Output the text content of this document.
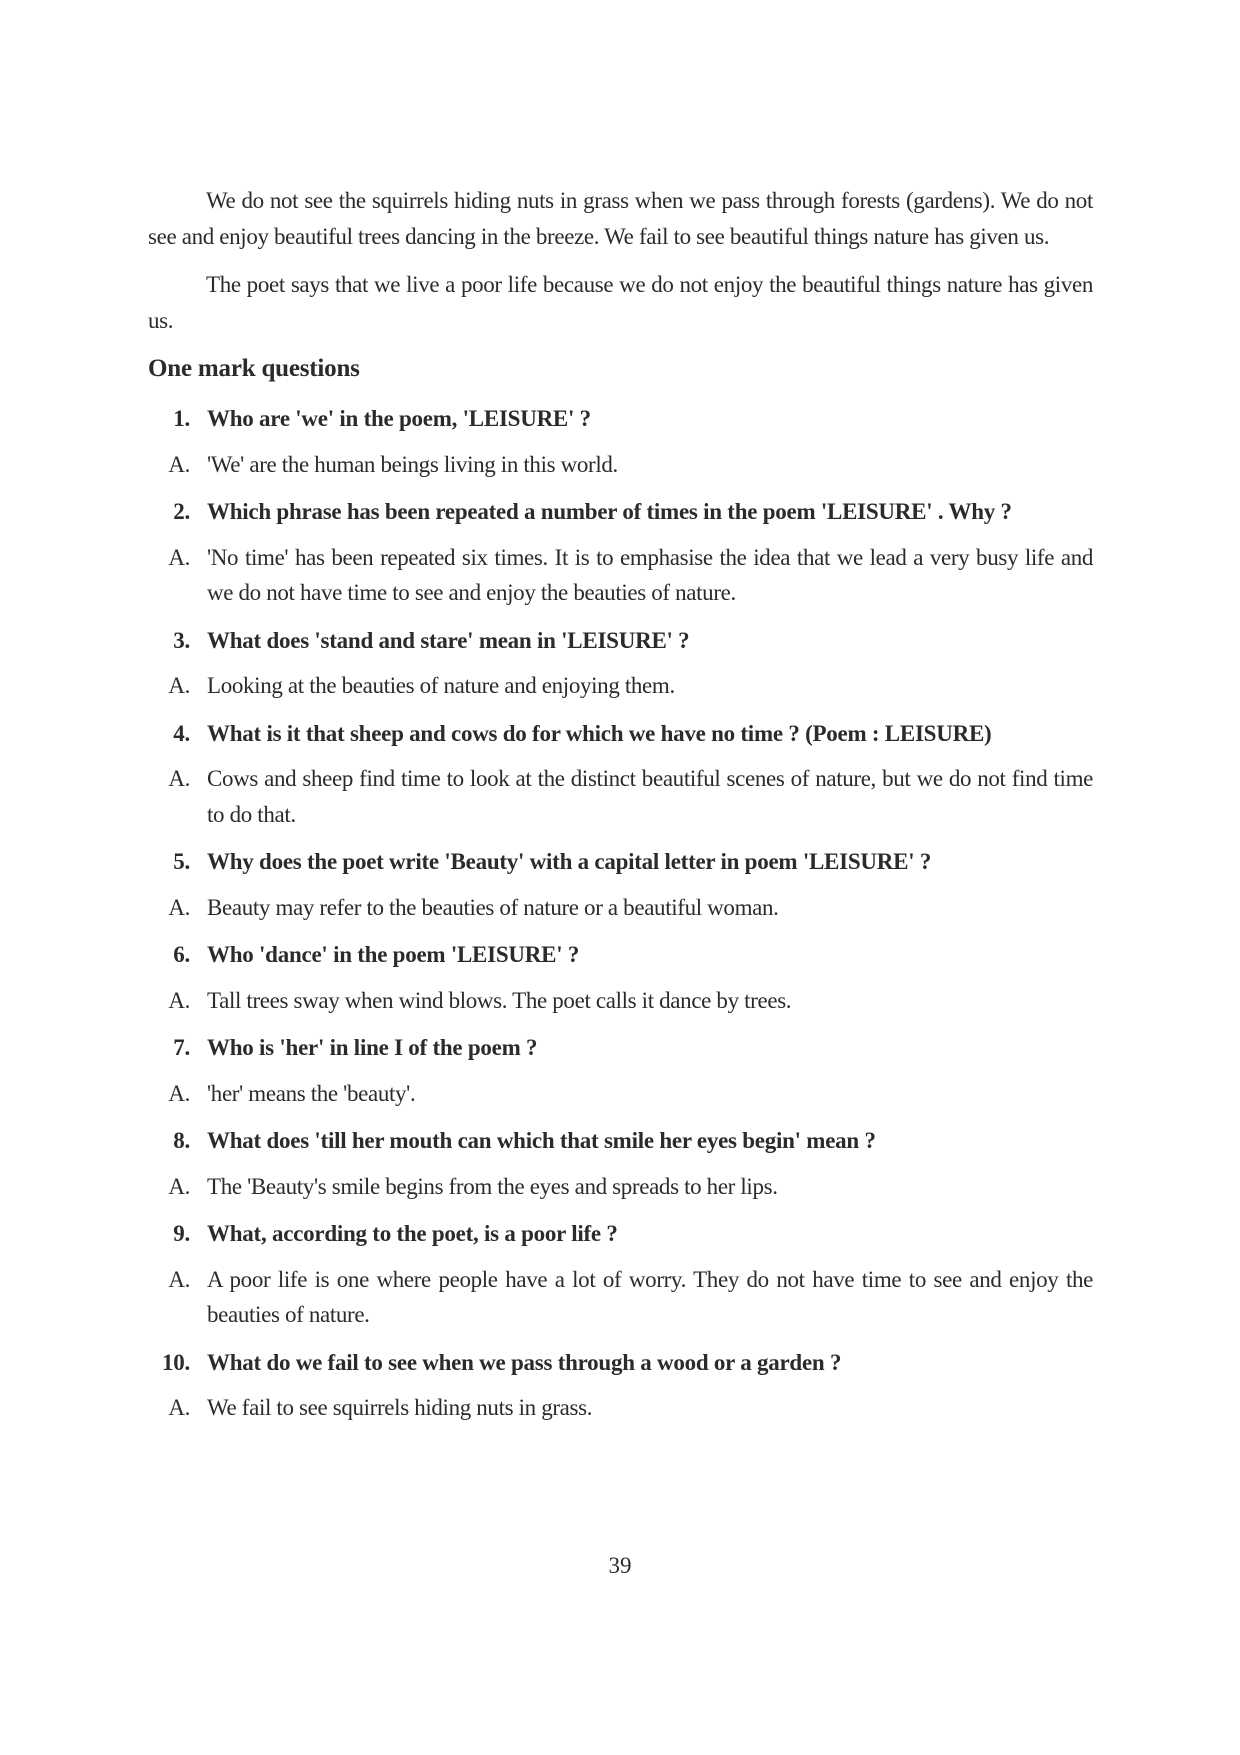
We do not see the squirrels hiding nuts in grass when we pass through forests (gardens). We do not see and enjoy beautiful trees dancing in the breeze. We fail to see beautiful things nature has given us.

The poet says that we live a poor life because we do not enjoy the beautiful things nature has given us.

One mark questions
1. Who are 'we' in the poem, 'LEISURE' ?
A. 'We' are the human beings living in this world.
2. Which phrase has been repeated a number of times in the poem 'LEISURE' . Why ?
A. 'No time' has been repeated six times. It is to emphasise the idea that we lead a very busy life and we do not have time to see and enjoy the beauties of nature.
3. What does 'stand and stare' mean in 'LEISURE' ?
A. Looking at the beauties of nature and enjoying them.
4. What is it that sheep and cows do for which we have no time ? (Poem : LEISURE)
A. Cows and sheep find time to look at the distinct beautiful scenes of nature, but we do not find time to do that.
5. Why does the poet write 'Beauty' with a capital letter in poem 'LEISURE' ?
A. Beauty may refer to the beauties of nature or a beautiful woman.
6. Who 'dance' in the poem 'LEISURE' ?
A. Tall trees sway when wind blows. The poet calls it dance by trees.
7. Who is 'her' in line I of the poem ?
A. 'her' means the 'beauty'.
8. What does 'till her mouth can which that smile her eyes begin' mean ?
A. The 'Beauty's smile begins from the eyes and spreads to her lips.
9. What, according to the poet, is a poor life ?
A. A poor life is one where people have a lot of worry. They do not have time to see and enjoy the beauties of nature.
10. What do we fail to see when we pass through a wood or a garden ?
A. We fail to see squirrels hiding nuts in grass.
39
